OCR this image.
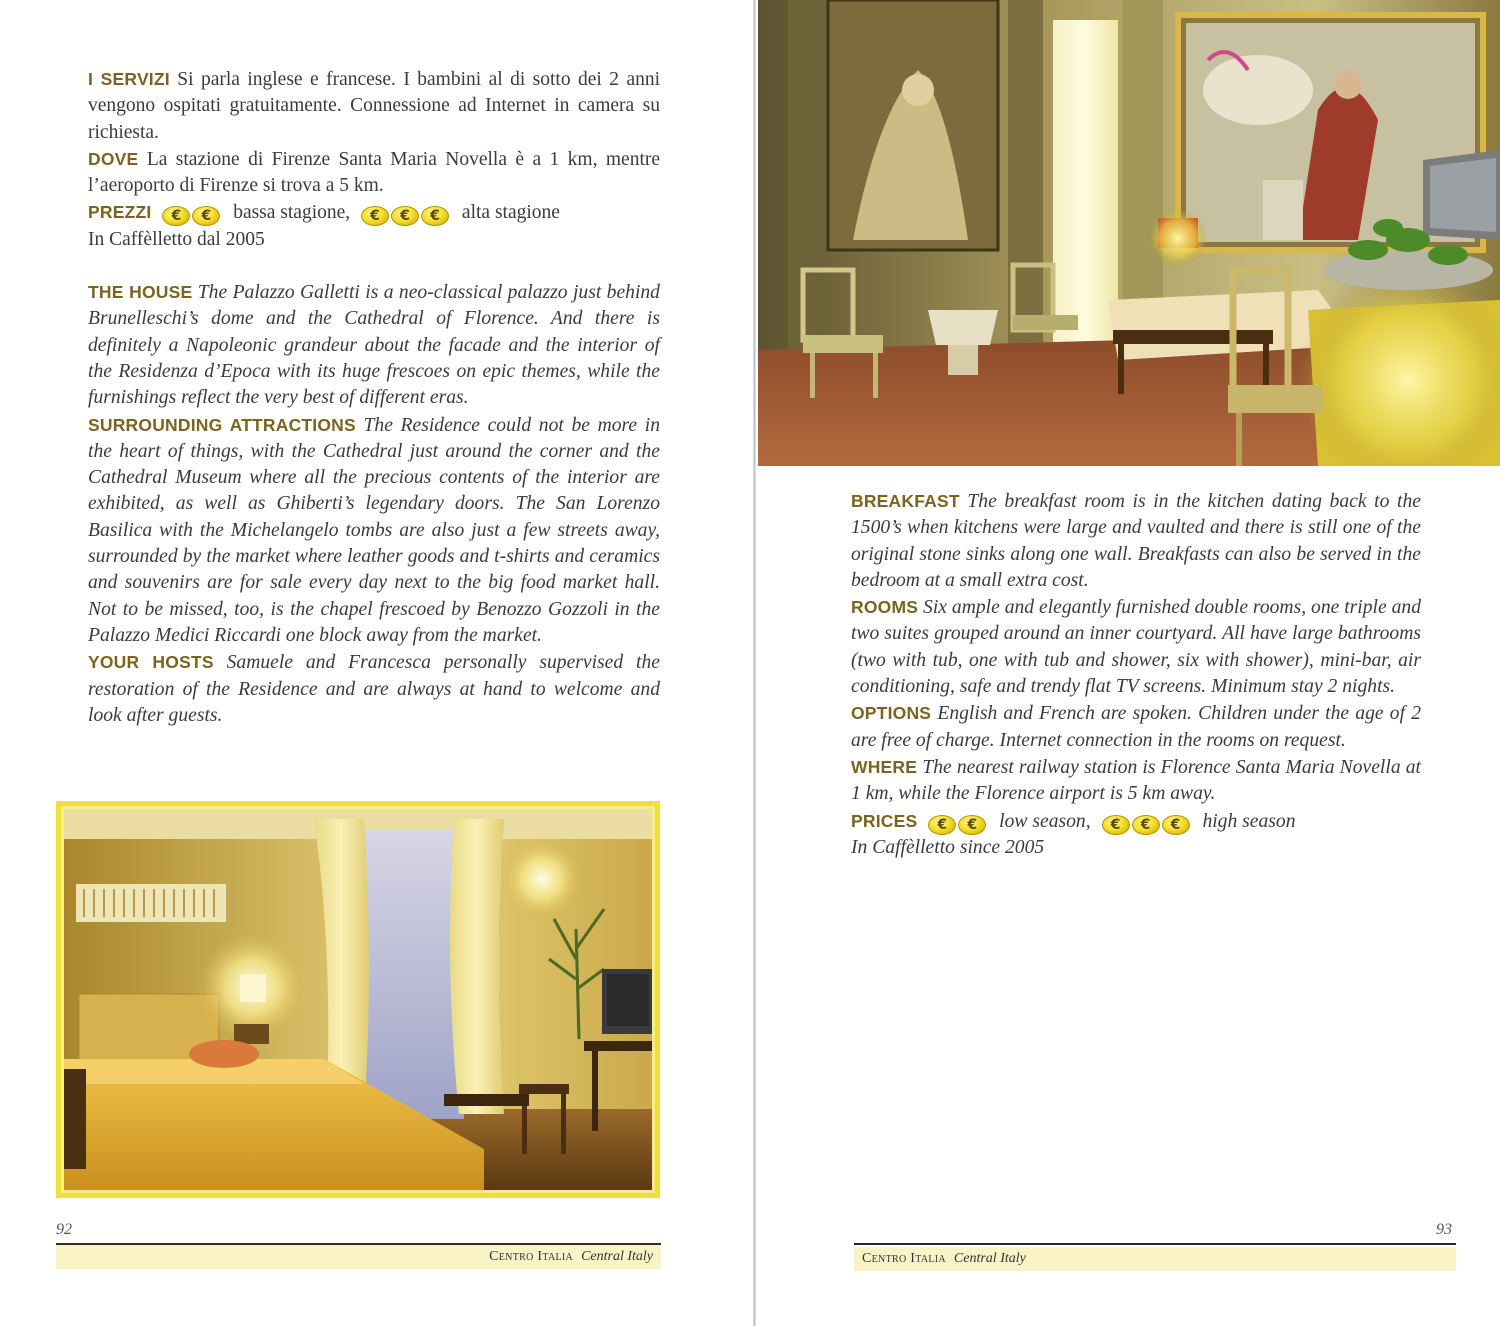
I SERVIZI Si parla inglese e francese. I bambini al di sotto dei 2 anni vengono ospitati gratuitamente. Connessione ad Internet in camera su richiesta.

DOVE La stazione di Firenze Santa Maria Novella è a 1 km, mentre l’aeroporto di Firenze si trova a 5 km.

PREZZI € € bassa stagione, € € € alta stagione

In Caffèlletto dal 2005

THE HOUSE The Palazzo Galletti is a neo-classical palazzo just behind Brunelleschi’s dome and the Cathedral of Florence. And there is definitely a Napoleonic grandeur about the facade and the interior of the Residenza d’Epoca with its huge frescoes on epic themes, while the furnishings reflect the very best of different eras.

SURROUNDING ATTRACTIONS The Residence could not be more in the heart of things, with the Cathedral just around the corner and the Cathedral Museum where all the precious contents of the interior are exhibited, as well as Ghiberti’s legendary doors. The San Lorenzo Basilica with the Michelangelo tombs are also just a few streets away, surrounded by the market where leather goods and t-shirts and ceramics and souvenirs are for sale every day next to the big food market hall. Not to be missed, too, is the chapel frescoed by Benozzo Gozzoli in the Palazzo Medici Riccardi one block away from the market.

YOUR HOSTS Samuele and Francesca personally supervised the restoration of the Residence and are always at hand to welcome and look after guests.

92
Centro Italia Central Italy

BREAKFAST The breakfast room is in the kitchen dating back to the 1500’s when kitchens were large and vaulted and there is still one of the original stone sinks along one wall. Breakfasts can also be served in the bedroom at a small extra cost.

ROOMS Six ample and elegantly furnished double rooms, one triple and two suites grouped around an inner courtyard. All have large bathrooms (two with tub, one with tub and shower, six with shower), mini-bar, air conditioning, safe and trendy flat TV screens. Minimum stay 2 nights.

OPTIONS English and French are spoken. Children under the age of 2 are free of charge. Internet connection in the rooms on request.

WHERE The nearest railway station is Florence Santa Maria Novella at 1 km, while the Florence airport is 5 km away.

PRICES € € low season, € € € high season

In Caffèlletto since 2005

93
Centro Italia Central Italy
